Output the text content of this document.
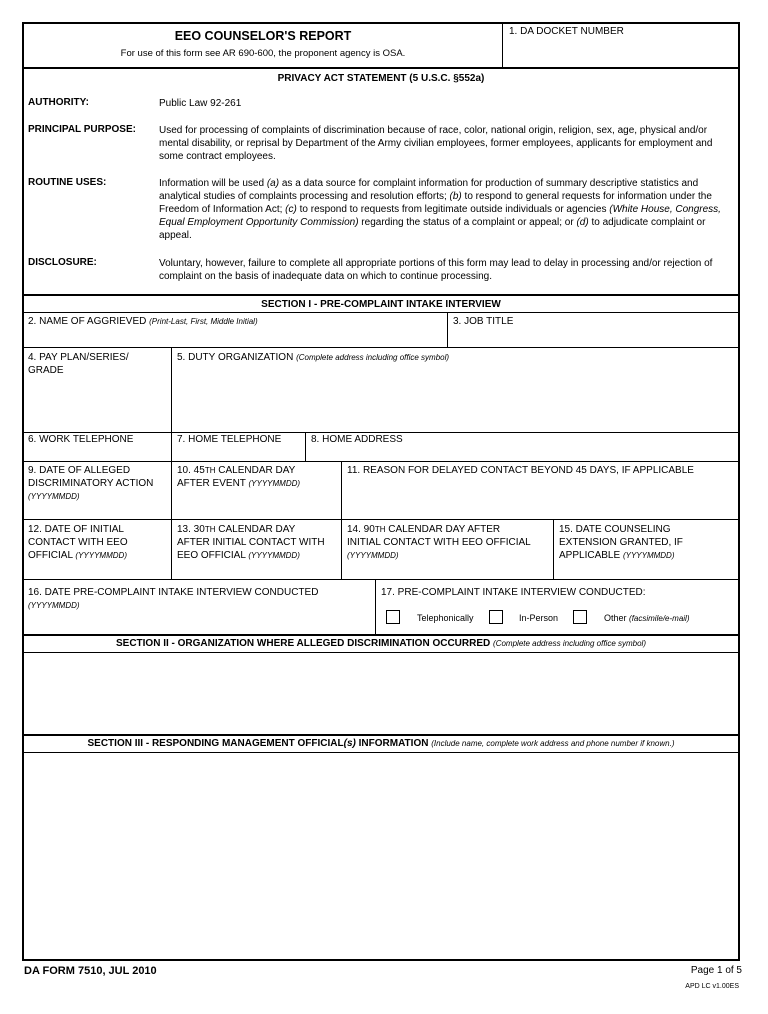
EEO COUNSELOR'S REPORT
For use of this form see AR 690-600, the proponent agency is OSA.
1. DA DOCKET NUMBER
PRIVACY ACT STATEMENT (5 U.S.C. §552a)
AUTHORITY:	Public Law 92-261
PRINCIPAL PURPOSE: Used for processing of complaints of discrimination because of race, color, national origin, religion, sex, age, physical and/or mental disability, or reprisal by Department of the Army civilian employees, former employees, applicants for employment and some contract employees.
ROUTINE USES:	Information will be used (a) as a data source for complaint information for production of summary descriptive statistics and analytical studies of complaints processing and resolution efforts; (b) to respond to general requests for information under the Freedom of Information Act; (c) to respond to requests from legitimate outside individuals or agencies (White House, Congress, Equal Employment Opportunity Commission) regarding the status of a complaint or appeal; or (d) to adjudicate complaint or appeal.
DISCLOSURE:	Voluntary, however, failure to complete all appropriate portions of this form may lead to delay in processing and/or rejection of complaint on the basis of inadequate data on which to continue processing.
SECTION I - PRE-COMPLAINT INTAKE INTERVIEW
2. NAME OF AGGRIEVED (Print-Last, First, Middle Initial)	3. JOB TITLE
4. PAY PLAN/SERIES/
GRADE
5. DUTY ORGANIZATION (Complete address including office symbol)
6. WORK TELEPHONE	7. HOME TELEPHONE	8. HOME ADDRESS
9. DATE OF ALLEGED
DISCRIMINATORY ACTION
(YYYYMMDD)
10. 45TH CALENDAR DAY
AFTER EVENT (YYYYMMDD)
11. REASON FOR DELAYED CONTACT BEYOND 45 DAYS, IF APPLICABLE
12. DATE OF INITIAL
CONTACT WITH EEO
OFFICIAL (YYYYMMDD)
13. 30TH CALENDAR DAY
AFTER INITIAL CONTACT WITH
EEO OFFICIAL (YYYYMMDD)
14. 90TH CALENDAR DAY AFTER
INITIAL CONTACT WITH EEO OFFICIAL
(YYYYMMDD)
15. DATE COUNSELING
EXTENSION GRANTED, IF
APPLICABLE (YYYYMMDD)
16. DATE PRE-COMPLAINT INTAKE INTERVIEW CONDUCTED
(YYYYMMDD)
17. PRE-COMPLAINT INTAKE INTERVIEW CONDUCTED:
Telephonically	In-Person	Other (facsimile/e-mail)
SECTION II - ORGANIZATION WHERE ALLEGED DISCRIMINATION OCCURRED (Complete address including office symbol)
SECTION III - RESPONDING MANAGEMENT OFFICIAL(s) INFORMATION (Include name, complete work address and phone number if known.)
DA FORM 7510, JUL 2010	Page 1 of 5
APD LC v1.00ES
